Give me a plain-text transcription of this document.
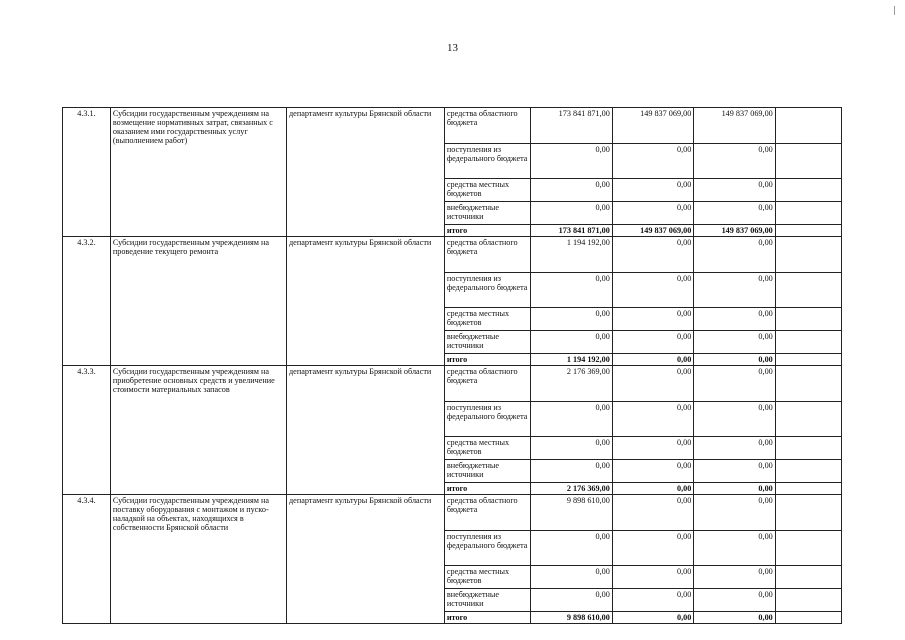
13
4.3.1.	Субсидии государственным учреждениям на возмещение нормативных затрат, связанных с оказанием ими государственных услуг (выполнением работ)	департамент культуры Брянской области	средства областного бюджета	173 841 871,00	149 837 069,00	149 837 069,00	
			поступления из федерального бюджета	0,00	0,00	0,00	
			средства местных бюджетов	0,00	0,00	0,00	
			внебюджетные источники	0,00	0,00	0,00	
			итого	173 841 871,00	149 837 069,00	149 837 069,00	
4.3.2.	Субсидии государственным учреждениям на проведение текущего ремонта	департамент культуры Брянской области	средства областного бюджета	1 194 192,00	0,00	0,00	
			поступления из федерального бюджета	0,00	0,00	0,00	
			средства местных бюджетов	0,00	0,00	0,00	
			внебюджетные источники	0,00	0,00	0,00	
			итого	1 194 192,00	0,00	0,00	
4.3.3.	Субсидии государственным учреждениям на приобретение основных средств и увеличение стоимости материальных запасов	департамент культуры Брянской области	средства областного бюджета	2 176 369,00	0,00	0,00	
			поступления из федерального бюджета	0,00	0,00	0,00	
			средства местных бюджетов	0,00	0,00	0,00	
			внебюджетные источники	0,00	0,00	0,00	
			итого	2 176 369,00	0,00	0,00	
4.3.4.	Субсидии государственным учреждениям на поставку оборудования с монтажом и пуско-наладкой на объектах, находящихся в собственности Брянской области	департамент культуры Брянской области	средства областного бюджета	9 898 610,00	0,00	0,00	
			поступления из федерального бюджета	0,00	0,00	0,00	
			средства местных бюджетов	0,00	0,00	0,00	
			внебюджетные источники	0,00	0,00	0,00	
			итого	9 898 610,00	0,00	0,00	
